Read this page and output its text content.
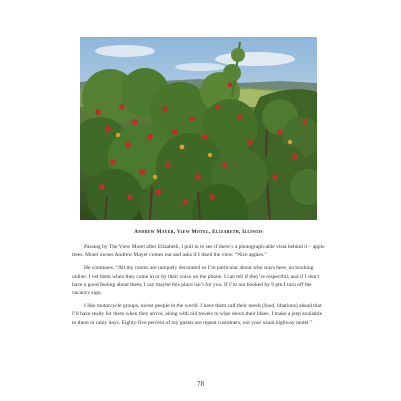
Andrew Mayer, View Motel, Elizabeth, Illinois

Passing by The View Motel after Elizabeth, I pull in to see if there’s a photograph-able vista behind it – apple trees. Motel owner Andrew Mayer comes out and asks if I liked the view. “Nice apples.”

He continues. “All my rooms are uniquely decorated so I’m particular about who stays here, no booking online. I vet them when they come in or by their voice on the phone. I can tell if they’re respectful, and if I don’t have a good feeling about them, I say maybe this place isn’t for you. If I’m not booked by 9 pm I turn off the vacancy sign.

I like motorcycle groups, nicest people in the world. I have them call their needs (food, libations) ahead that I’ll have ready for them when they arrive, along with old towels to wipe down their bikes. I make a jeep available to them or rainy days. Eighty-five percent of my guests are repeat customers, not your usual highway motel.”

78
